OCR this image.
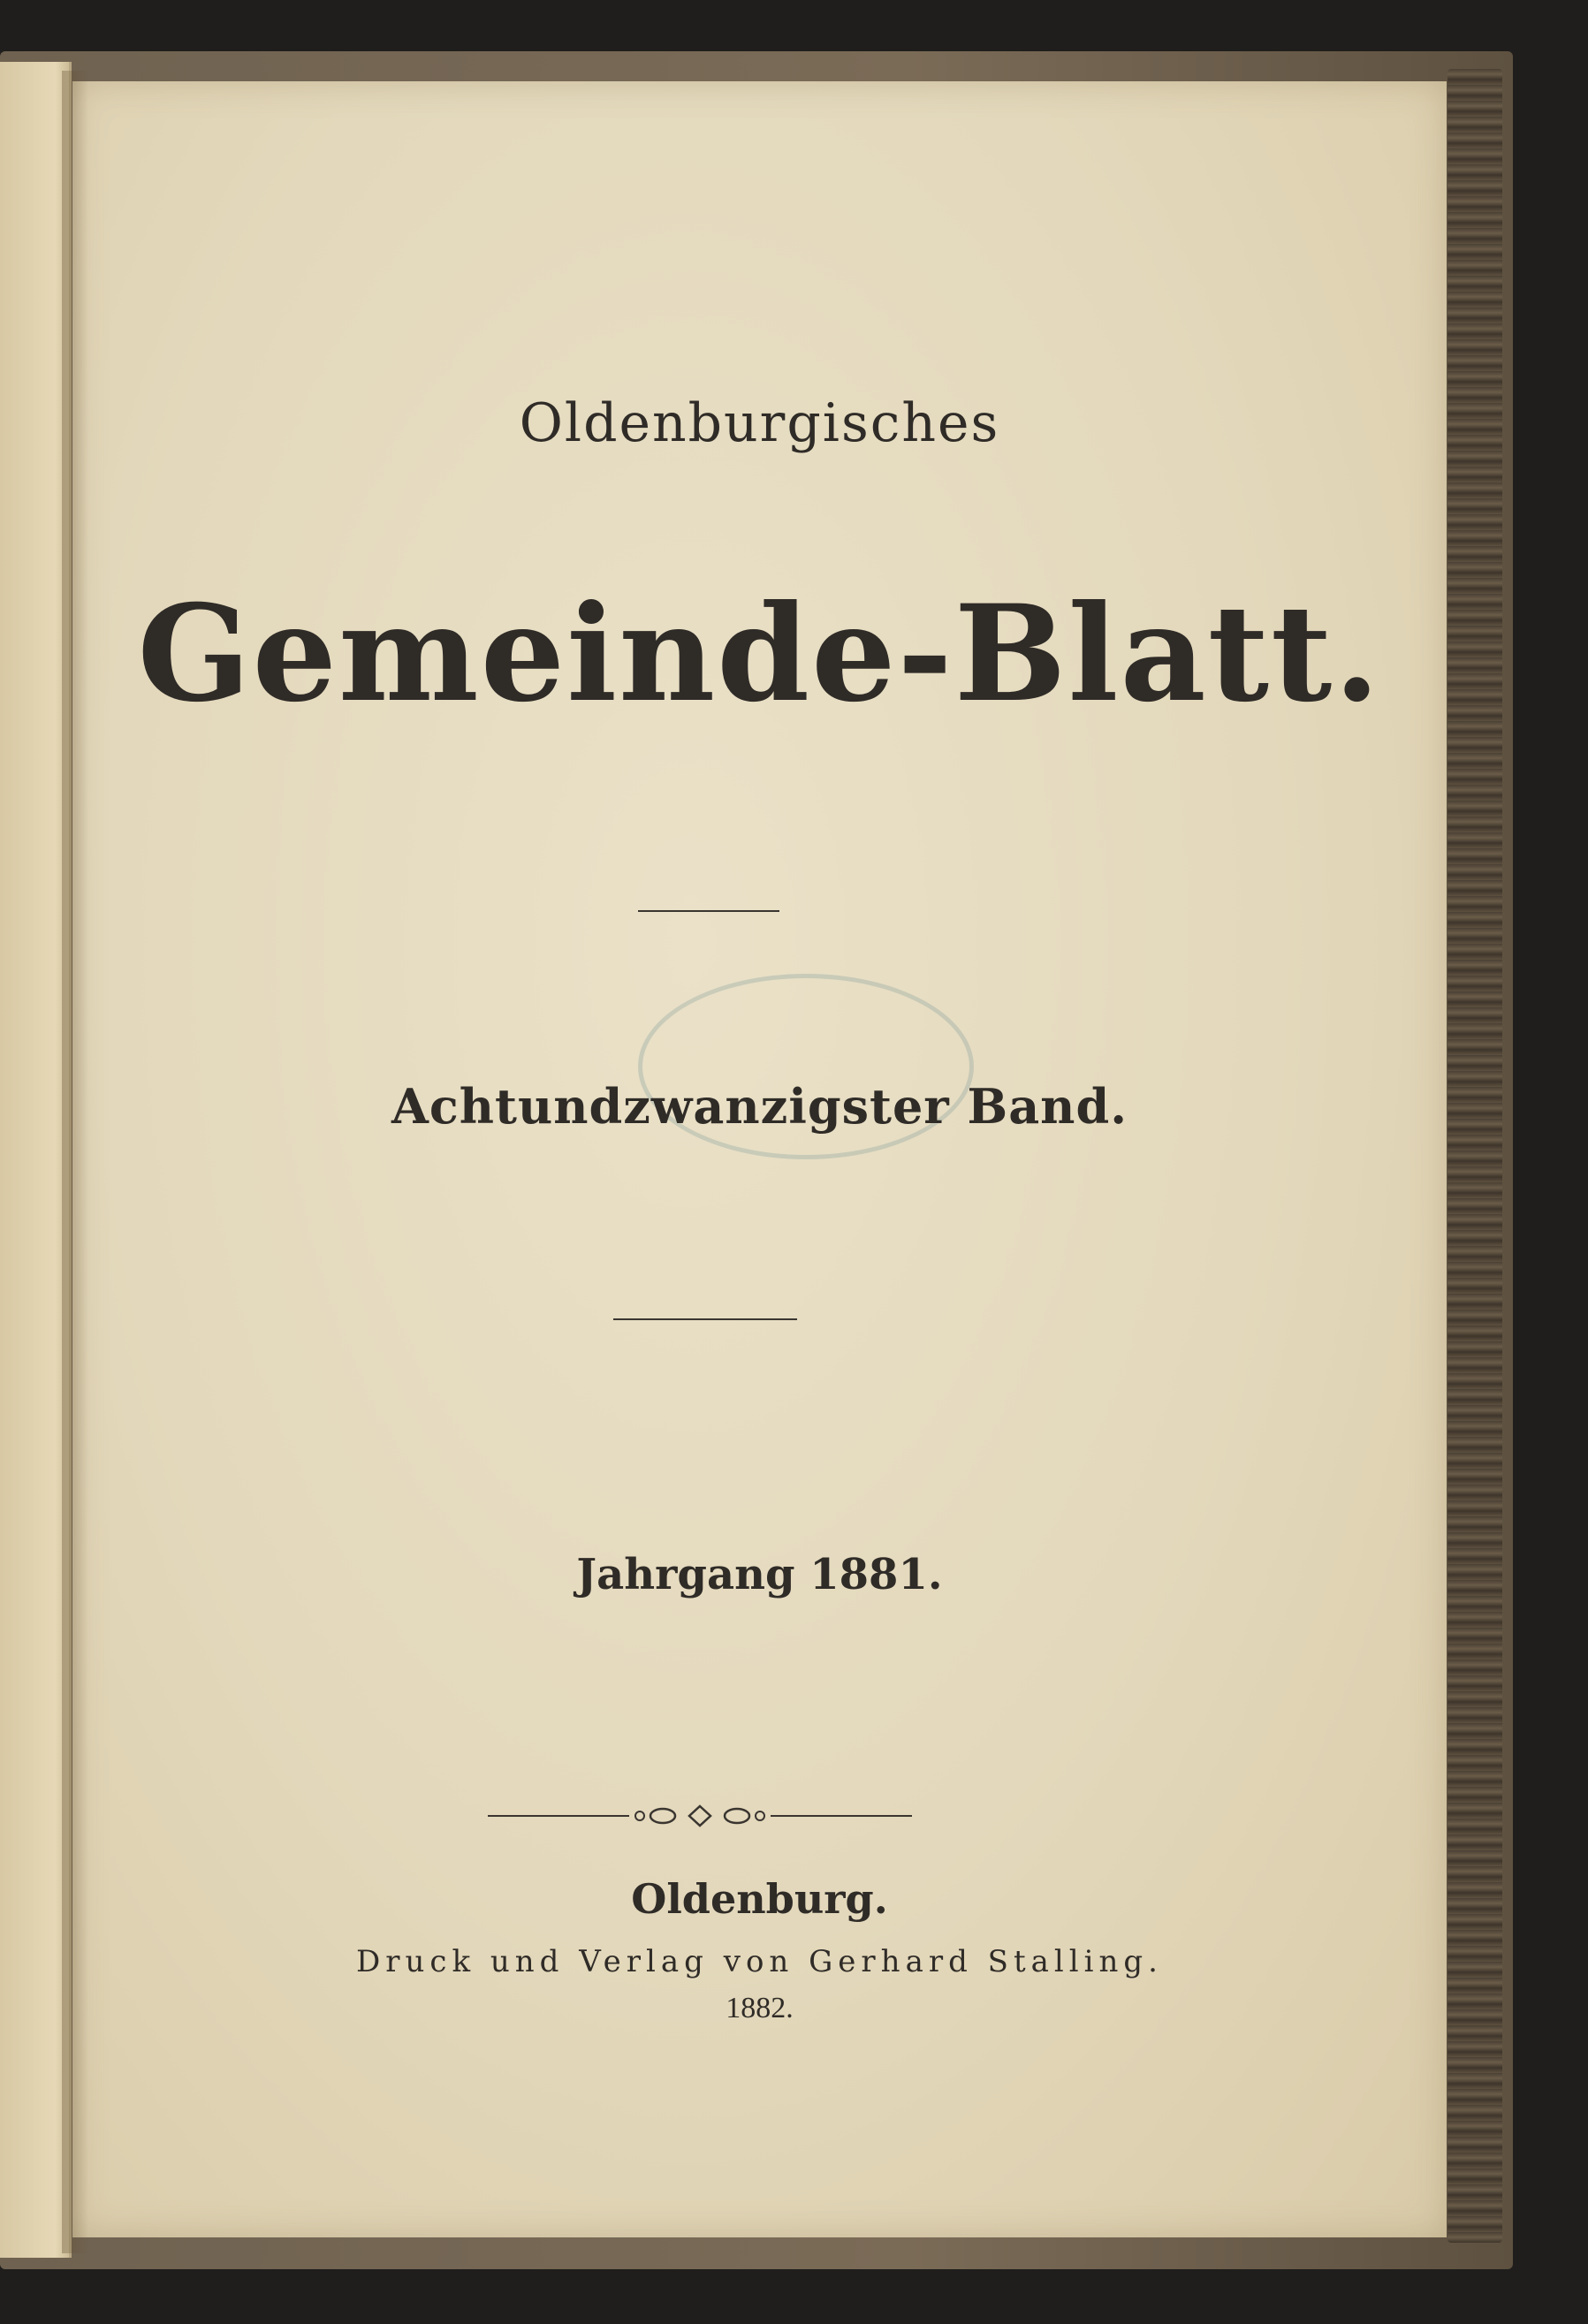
Oldenburgisches
Gemeinde-Blatt.
Achtundzwanzigster Band.
Jahrgang 1881.
Oldenburg.
Druck und Verlag von Gerhard Stalling.
1882.
